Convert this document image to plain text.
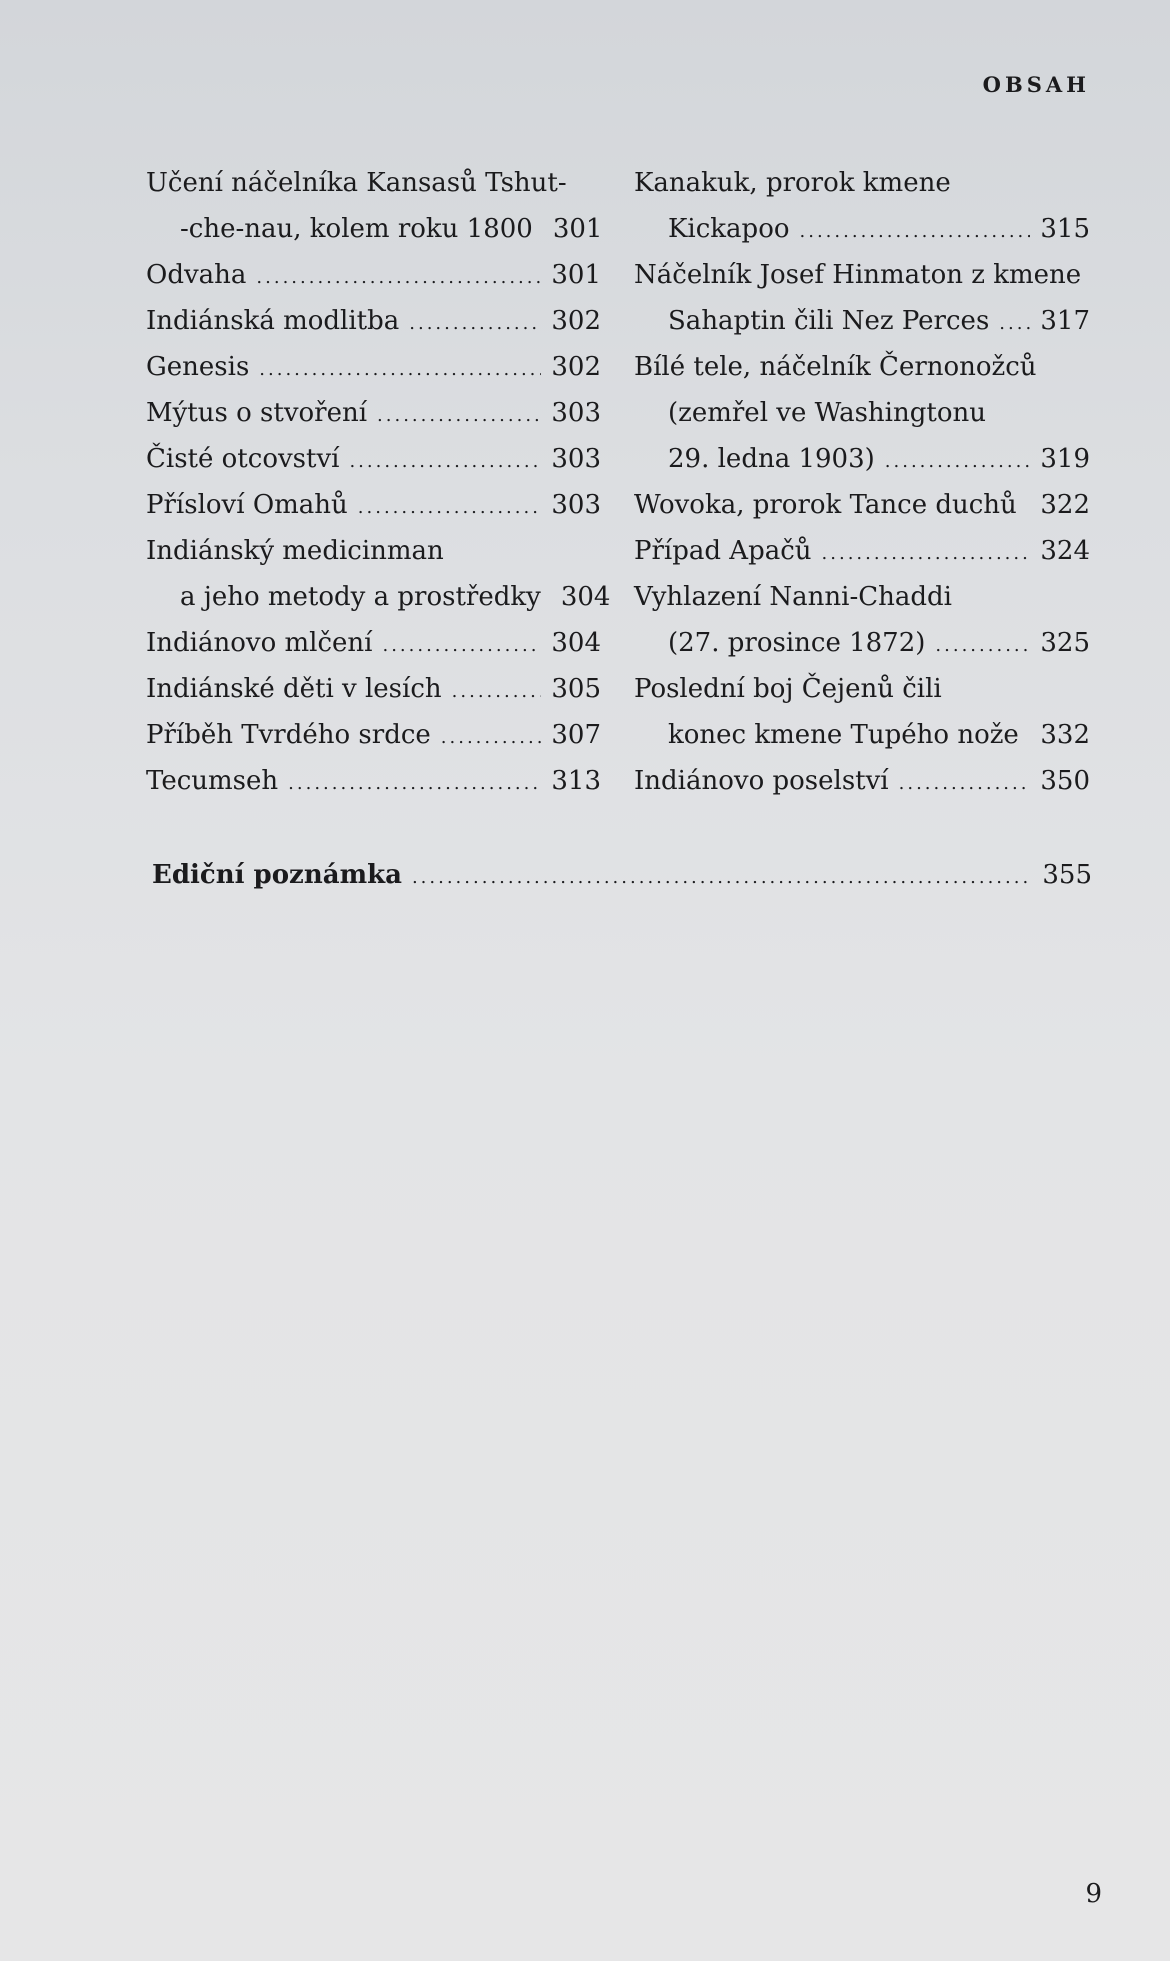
OBSAH
Učení náčelníka Kansasů Tshut-
-che-nau, kolem roku 1800 301
Odvaha .....	301
Indiánská modlitba .....	302
Genesis .....	302
Mýtus o stvoření .....	303
Čisté otcovství .....	303
Přísloví Omahů .....	303
Indiánský medicinman
a jeho metody a prostředky 304
Indiánovo mlčení .....	304
Indiánské děti v lesích .....	305
Příběh Tvrdého srdce .....	307
Tecumseh .....	313
Kanakuk, prorok kmene
Kickapoo .....	315
Náčelník Josef Hinmaton z kmene
Sahaptin čili Nez Perces ..... 317
Bílé tele, náčelník Černonožců
(zemřel ve Washingtonu
29. ledna 1903) .....	319
Wovoka, prorok Tance duchů 322
Případ Apačů .....	324
Vyhlazení Nanni-Chaddi
(27. prosince 1872) .....	325
Poslední boj Čejenů čili
konec kmene Tupého nože 332
Indiánovo poselství .....	350
Ediční poznámka .....	355
9
